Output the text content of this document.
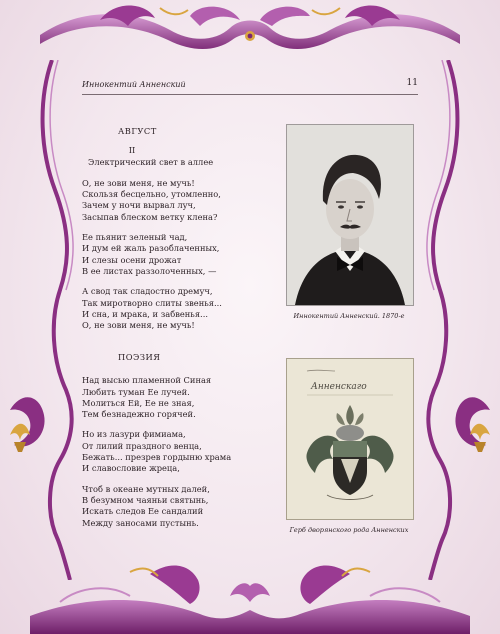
Иннокентий Анненский	11
АВГУСТ
II
Электрический свет в аллее
О, не зови меня, не мучь!
Скользя бесцельно, утомленно,
Зачем у ночи вырвал луч,
Засыпав блеском ветку клена?
Ее пьянит зеленый чад,
И дум ей жаль разоблаченных,
И слезы осени дрожат
В ее листах раззолоченных, —
А свод так сладостно дремуч,
Так миротворно слиты звенья...
И сна, и мрака, и забвенья...
О, не зови меня, не мучь!
ПОЭЗИЯ
Над высью пламенной Синая
Любить туман Ее лучей.
Молиться Ей, Ее не зная,
Тем безнадежно горячей.
Но из лазури фимиама,
От лилий праздного венца,
Бежать... презрев гордыню храма
И славословие жреца,
Чтоб в океане мутных далей,
В безумном чаяньи святынь,
Искать следов Ее сандалий
Между заносами пустынь.
Иннокентий Анненский. 1870-е
Анненскаго
Герб дворянского рода Анненских
